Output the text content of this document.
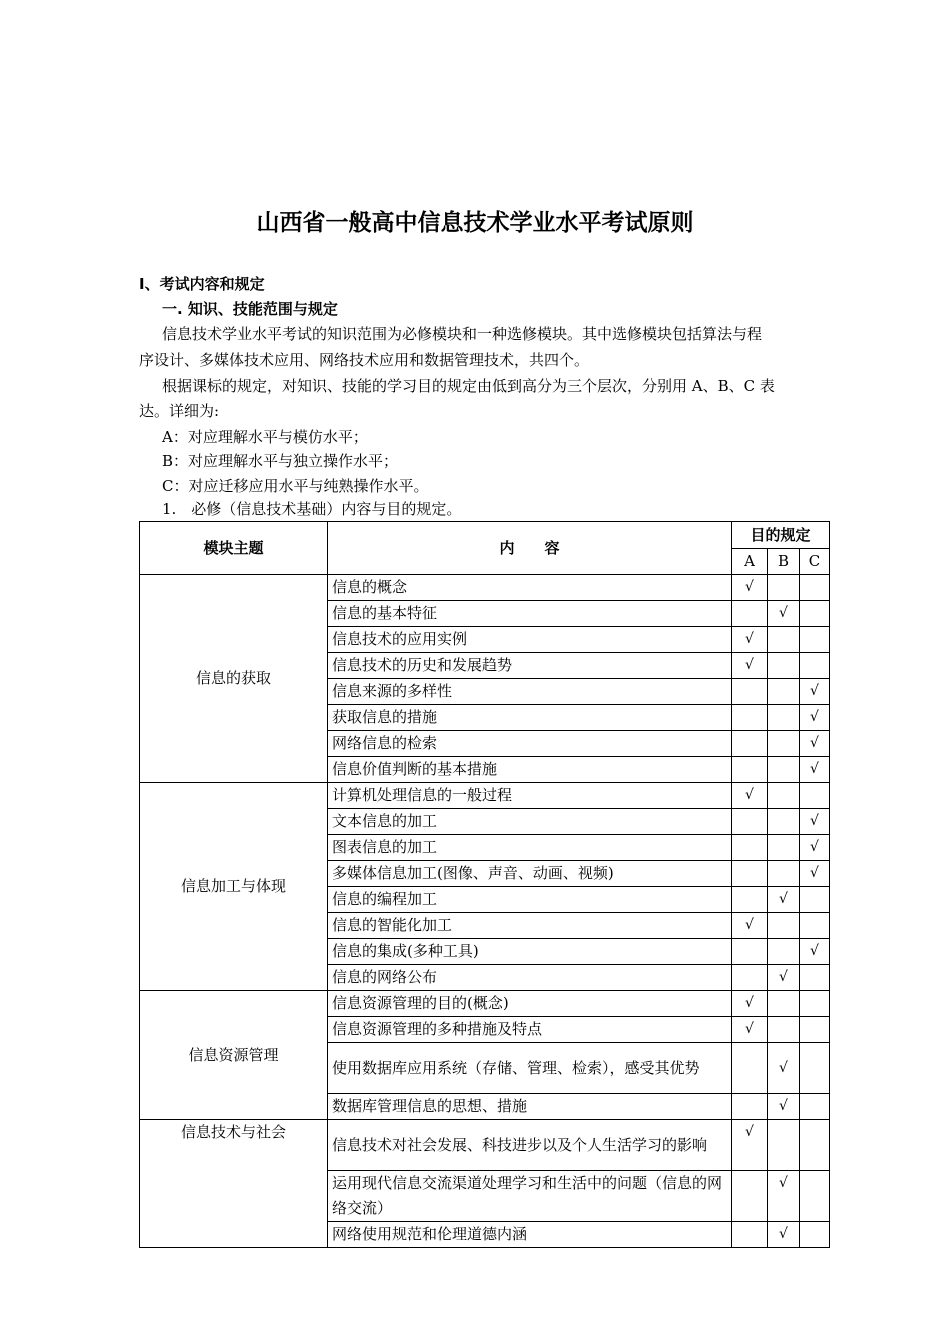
山西省一般高中信息技术学业水平考试原则
Ⅰ、考试内容和规定
一. 知识、技能范围与规定
信息技术学业水平考试的知识范围为必修模块和一种选修模块。其中选修模块包括算法与程
序设计、多媒体技术应用、网络技术应用和数据管理技术，共四个。
根据课标的规定，对知识、技能的学习目的规定由低到高分为三个层次，分别用 A、B、C 表
达。详细为:
A：对应理解水平与模仿水平；
B：对应理解水平与独立操作水平；
C：对应迁移应用水平与纯熟操作水平。
1.　必修（信息技术基础）内容与目的规定。
模块主题	内　　容	目的规定		
		A	B	C
信息的获取	信息的概念	√		
	信息的基本特征		√	
	信息技术的应用实例	√		
	信息技术的历史和发展趋势	√		
	信息来源的多样性			√
	获取信息的措施			√
	网络信息的检索			√
	信息价值判断的基本措施			√
信息加工与体现	计算机处理信息的一般过程	√		
	文本信息的加工			√
	图表信息的加工			√
	多媒体信息加工(图像、声音、动画、视频)			√
	信息的编程加工		√	
	信息的智能化加工	√		
	信息的集成(多种工具)			√
	信息的网络公布		√	
信息资源管理	信息资源管理的目的(概念)	√		
	信息资源管理的多种措施及特点	√		
	使用数据库应用系统（存储、管理、检索），感受其优势		√	
	数据库管理信息的思想、措施		√	
信息技术与社会	信息技术对社会发展、科技进步以及个人生活学习的影响	√		
	运用现代信息交流渠道处理学习和生活中的问题（信息的网络交流）		√	
	网络使用规范和伦理道德内涵		√	
